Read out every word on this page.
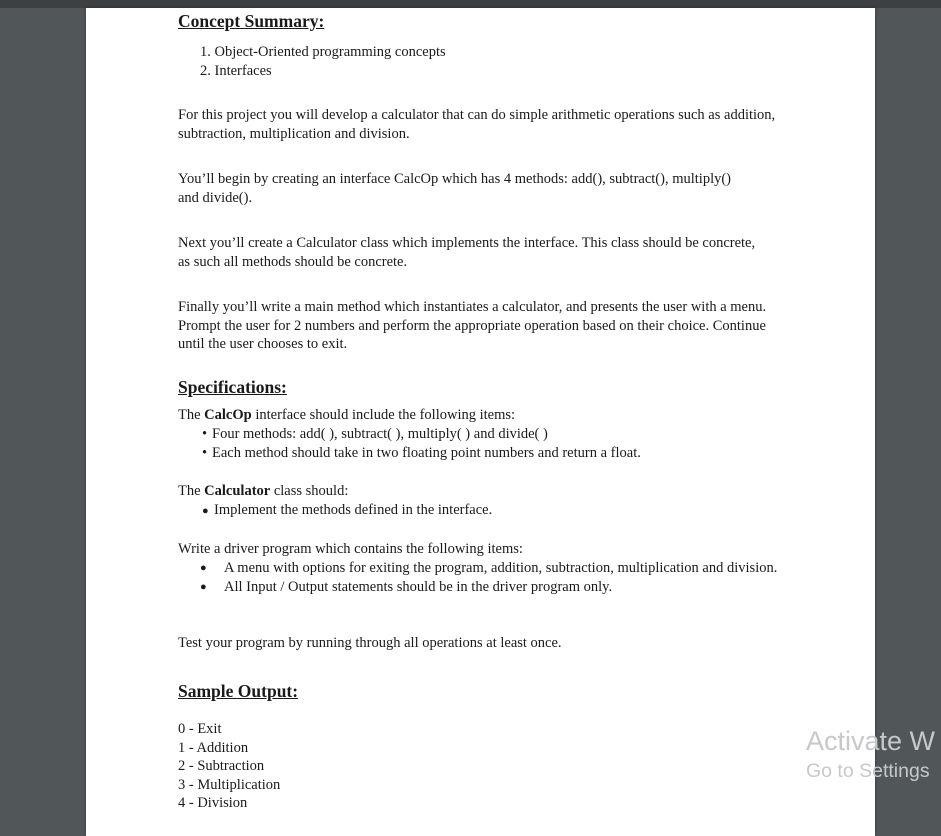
Concept Summary:
1. Object-Oriented programming concepts
2. Interfaces

For this project you will develop a calculator that can do simple arithmetic operations such as addition, subtraction, multiplication and division.

You’ll begin by creating an interface CalcOp which has 4 methods: add(), subtract(), multiply() and divide().

Next you’ll create a Calculator class which implements the interface. This class should be concrete, as such all methods should be concrete.

Finally you’ll write a main method which instantiates a calculator, and presents the user with a menu. Prompt the user for 2 numbers and perform the appropriate operation based on their choice. Continue until the user chooses to exit.

Specifications:

The CalcOp interface should include the following items:

• Four methods: add( ), subtract( ), multiply( ) and divide( )
• Each method should take in two floating point numbers and return a float.

The Calculator class should:

● Implement the methods defined in the interface.

Write a driver program which contains the following items:

●	A menu with options for exiting the program, addition, subtraction, multiplication and division.
●	All Input / Output statements should be in the driver program only.

Test your program by running through all operations at least once.

Sample Output:
0 - Exit
1 - Addition
2 - Subtraction
3 - Multiplication
4 - Division
Activate W
Go to Settings
